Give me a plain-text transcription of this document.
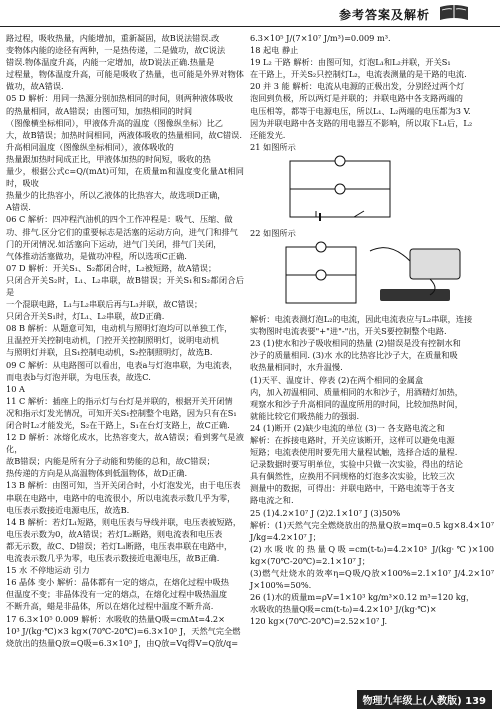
参考答案及解析

路过程，吸收热量，内能增加，重新凝固，故B说法错误.改

变物体内能的途径有两种，一是热传递，二是做功，故C说法

错误.物体温度升高，内能一定增加，故D说法正确.热量是

过程量，物体温度升高，可能是吸收了热量，也可能是外界对物体做功，故A错误.

05 D 解析：用同一热源分别加热相同的时间，则两种液体吸收

的热量相同，故A错误；由图可知，加热相同的时间

（图像横坐标相同），甲液体升高的温度（图像纵坐标）比乙

大，故B错误；加热时间相同，两液体吸收的热量相同，故C错误.

升高相同温度（图像纵坐标相同），液体吸收的

热量跟加热时间成正比，甲液体加热的时间短，吸收的热

量少，根据公式c=Q/(mΔt)可知，在质量m和温度变化量Δt相同时，吸收

热量少的比热容小，所以乙液体的比热容大，故选项D正确，

A错误.

06 C 解析：四冲程汽油机的四个工作冲程是：吸气、压缩、做

功、排气.区分它们的重要标志是活塞的运动方向，进气门和排气

门的开闭情况.如活塞向下运动，进气门关闭，排气门关闭，

气体推动活塞做功，是做功冲程，所以选项C正确.

07 D 解析：开关S₁、S₂都闭合时，L₂被短路，故A错误；

只闭合开关S₂时，L₁、L₂串联，故B错误；开关S₁和S₂都闭合后是

一个混联电路，L₁与L₂串联后再与L₃并联，故C错误；

只闭合开关S₁时，灯L₁、L₂串联，故D正确.

08 B 解析：从题意可知，电动机与照明灯泡均可以单独工作，

且温控开关控制电动机，门控开关控制照明灯，说明电动机

与照明灯并联，且S₁控制电动机，S₂控制照明灯，故选B.

09 C 解析：从电路图可以看出，电表a与灯泡串联，为电流表，

而电表b与灯泡并联，为电压表，故选C.

10 A

11 C 解析：插座上的指示灯与台灯是并联的，根据开关开闭情

况和指示灯发光情况，可知开关S₁控制整个电路，因为只有在S₁

闭合时L₂才能发光，S₂在干路上，S₁在台灯支路上，故C正确.

12 D 解析：冰熔化成水，比热容变大，故A错误；看到雾气是液化，

故B错误；内能是所有分子动能和势能的总和，故C错误；

热传递的方向是从高温物体到低温物体，故D正确.

13 B 解析：由图可知，当开关闭合时，小灯泡发光，由于电压表

串联在电路中，电路中的电流很小，所以电流表示数几乎为零，

电压表示数接近电源电压，故选B.

14 B 解析：若灯L₁短路，则电压表与导线并联，电压表被短路，

电压表示数为0，故A错误；若灯L₂断路，则电流表和电压表

都无示数，故C、D错误；若灯L₁断路，电压表串联在电路中，

电流表示数几乎为零，电压表示数接近电源电压，故B正确.

15 水 不停地运动 引力

16 晶体 变小 解析：晶体都有一定的熔点，在熔化过程中吸热

但温度不变；非晶体没有一定的熔点，在熔化过程中吸热温度

不断升高，蜡是非晶体，所以在熔化过程中温度不断升高.

17 6.3×10⁵ 0.009 解析：水吸收的热量Q吸=cmΔt=4.2×

10³ J/(kg·℃)×3 kg×(70℃-20℃)=6.3×10⁵ J，天然气完全燃

烧放出的热量Q放=Q吸=6.3×10⁵ J，由Q放=Vq得V=Q放/q=

6.3×10⁵ J/(7×10⁷ J/m³)=0.009 m³.

18 起电 静止

19 L₂ 干路 解析：由图可知，灯泡L₁和L₂并联，开关S₁

在干路上，开关S₂只控制灯L₂，电流表测量的是干路的电流.

20 并 3 能 解析：电流从电源的正极出发，分别经过两个灯

泡回到负极，所以两灯是并联的；并联电路中各支路两端的

电压相等，都等于电源电压，所以L₁、L₂两端的电压都为3 V.

因为并联电路中各支路的用电器互不影响，所以取下L₁后，L₂

还能发光.

21 如图所示

22 如图所示

解析：电流表测灯泡L₂的电流，因此电流表应与L₂串联，连接

实物图时电流表要"+"进"-"出，开关S要控制整个电路.

23 (1)使水和沙子吸收相同的热量 (2)错误是没有控制水和

沙子的质量相同. (3)水 水的比热容比沙子大，在质量和吸

收热量相同时，水升温慢.

(1)天平、温度计、停表 (2)在两个相同的金属盒

内，加入初温相同、质量相同的水和沙子，用酒精灯加热，

观察水和沙子升高相同的温度所用的时间，比较加热时间，

就能比较它们吸热能力的强弱.

24 (1)断开 (2)缺少电流的单位 (3)一 各支路电流之和

解析：在拆接电路时，开关应该断开，这样可以避免电源

短路；电流表使用时要先用大量程试触，选择合适的量程.

记录数据时要写明单位，实验中只做一次实验，得出的结论

具有偶然性，应换用不同规格的灯泡多次实验，比较三次

测量中的数据，可得出：并联电路中，干路电流等于各支

路电流之和.

25 (1)4.2×10⁷ J (2)2.1×10⁷ J (3)50%

解析：(1)天然气完全燃烧放出的热量Q放=mq=0.5 kg×8.4×10⁷ J/kg=4.2×10⁷ J；

(2)水吸收的热量Q吸=cm(t-t₀)=4.2×10³ J/(kg·℃)×100 kg×(70℃-20℃)=2.1×10⁷ J；

(3)燃气灶烧水的效率η=Q吸/Q放×100%=2.1×10⁷ J/4.2×10⁷ J×100%=50%.

26 (1)水的质量m=ρV=1×10³ kg/m³×0.12 m³=120 kg，

水吸收的热量Q吸=cm(t-t₀)=4.2×10³ J/(kg·℃)×

120 kg×(70℃-20℃)=2.52×10⁷ J.

物理九年级上(人教版) 139
